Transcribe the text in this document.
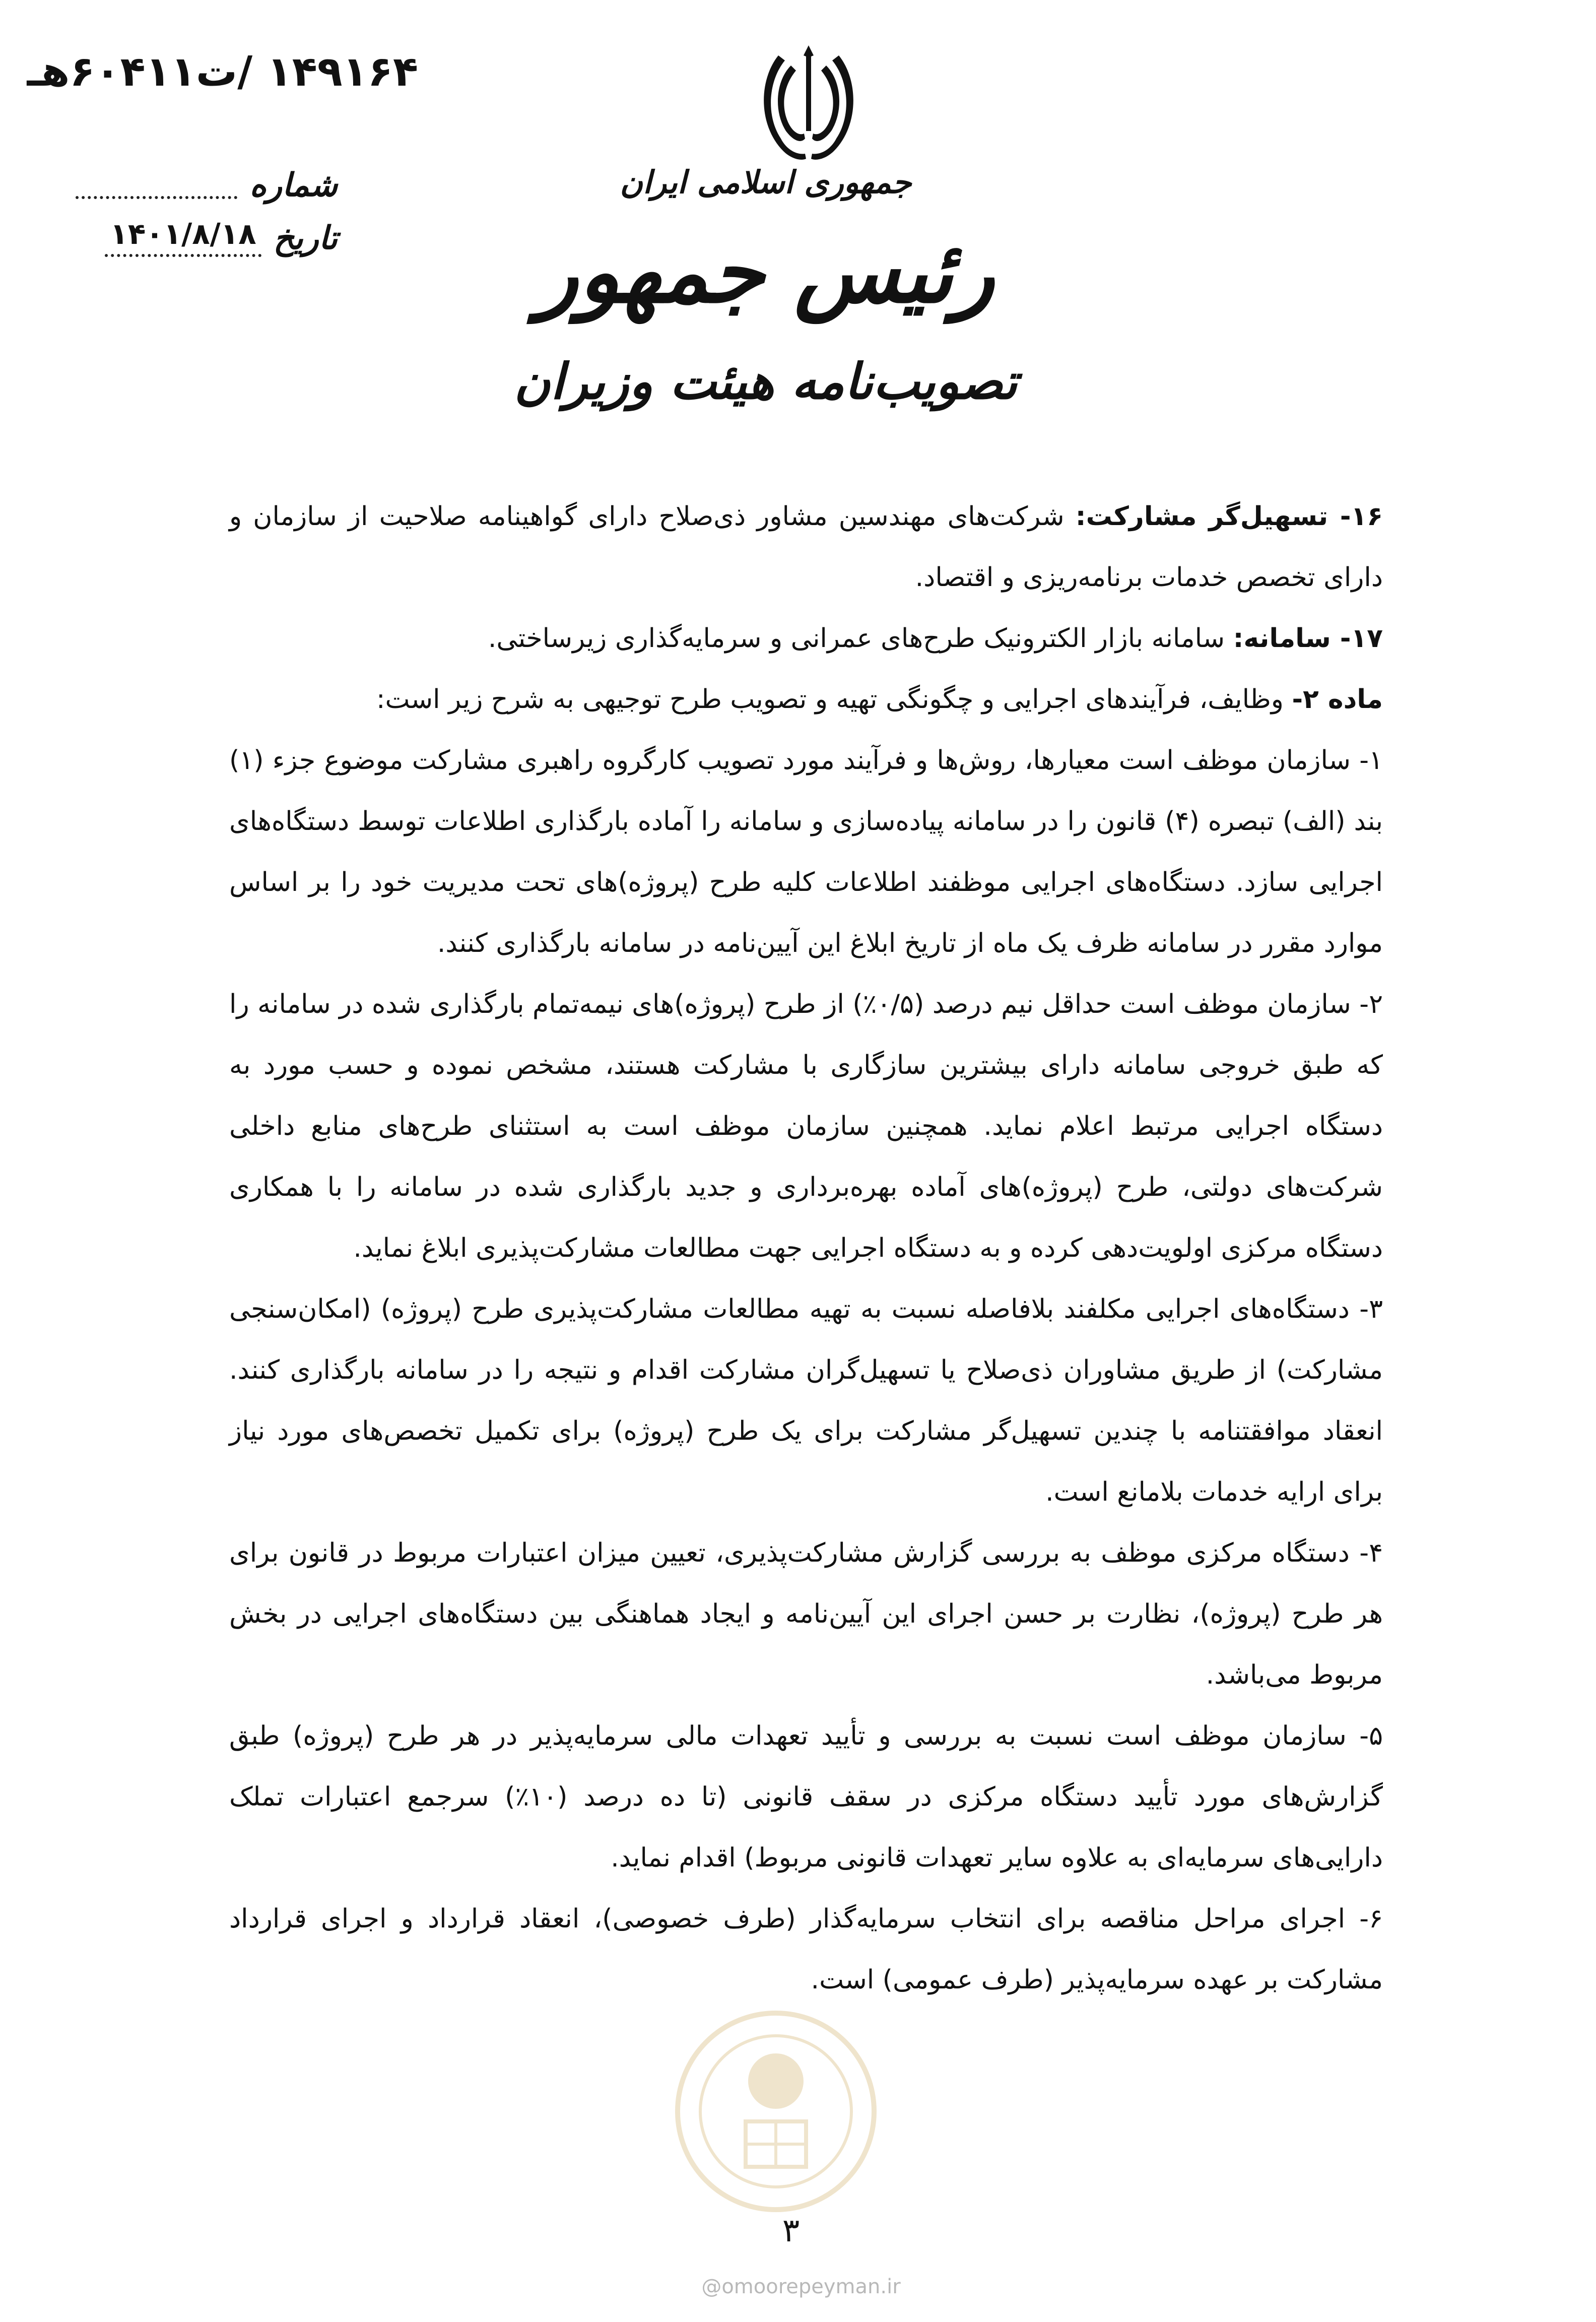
۱۴۹۱۶۴ /ت۶۰۴۱۱هـ
شماره
تاریخ
۱۴۰۱/۸/۱۸
جمهوری اسلامی ایران
رئیس جمهور
تصویب‌نامه هیئت وزیران

۱۶- تسهیل‌گر مشارکت: شرکت‌های مهندسین مشاور ذی‌صلاح دارای گواهینامه صلاحیت از سازمان و دارای تخصص خدمات برنامه‌ریزی و اقتصاد.

۱۷- سامانه: سامانه بازار الکترونیک طرح‌های عمرانی و سرمایه‌گذاری زیرساختی.

ماده ۲- وظایف، فرآیندهای اجرایی و چگونگی تهیه و تصویب طرح توجیهی به شرح زیر است:

۱- سازمان موظف است معیارها، روش‌ها و فرآیند مورد تصویب کارگروه راهبری مشارکت موضوع جزء (۱) بند (الف) تبصره (۴) قانون را در سامانه پیاده‌سازی و سامانه را آماده بارگذاری اطلاعات توسط دستگاه‌های اجرایی سازد. دستگاه‌های اجرایی موظفند اطلاعات کلیه طرح (پروژه)های تحت مدیریت خود را بر اساس موارد مقرر در سامانه ظرف یک ماه از تاریخ ابلاغ این آیین‌نامه در سامانه بارگذاری کنند.

۲- سازمان موظف است حداقل نیم درصد (۰/۵٪) از طرح (پروژه)های نیمه‌تمام بارگذاری شده در سامانه را که طبق خروجی سامانه دارای بیشترین سازگاری با مشارکت هستند، مشخص نموده و حسب مورد به دستگاه اجرایی مرتبط اعلام نماید. همچنین سازمان موظف است به استثنای طرح‌های منابع داخلی شرکت‌های دولتی، طرح (پروژه)های آماده بهره‌برداری و جدید بارگذاری شده در سامانه را با همکاری دستگاه مرکزی اولویت‌دهی کرده و به دستگاه اجرایی جهت مطالعات مشارکت‌پذیری ابلاغ نماید.

۳- دستگاه‌های اجرایی مکلفند بلافاصله نسبت به تهیه مطالعات مشارکت‌پذیری طرح (پروژه) (امکان‌سنجی مشارکت) از طریق مشاوران ذی‌صلاح یا تسهیل‌گران مشارکت اقدام و نتیجه را در سامانه بارگذاری کنند. انعقاد موافقتنامه با چندین تسهیل‌گر مشارکت برای یک طرح (پروژه) برای تکمیل تخصص‌های مورد نیاز برای ارایه خدمات بلامانع است.

۴- دستگاه مرکزی موظف به بررسی گزارش مشارکت‌پذیری، تعیین میزان اعتبارات مربوط در قانون برای هر طرح (پروژه)، نظارت بر حسن اجرای این آیین‌نامه و ایجاد هماهنگی بین دستگاه‌های اجرایی در بخش مربوط می‌باشد.

۵- سازمان موظف است نسبت به بررسی و تأیید تعهدات مالی سرمایه‌پذیر در هر طرح (پروژه) طبق گزارش‌های مورد تأیید دستگاه مرکزی در سقف قانونی (تا ده درصد (۱۰٪) سرجمع اعتبارات تملک دارایی‌های سرمایه‌ای به علاوه سایر تعهدات قانونی مربوط) اقدام نماید.

۶- اجرای مراحل مناقصه برای انتخاب سرمایه‌گذار (طرف خصوصی)، انعقاد قرارداد و اجرای قرارداد مشارکت بر عهده سرمایه‌پذیر (طرف عمومی) است.

۳
@omoorepeyman.ir
